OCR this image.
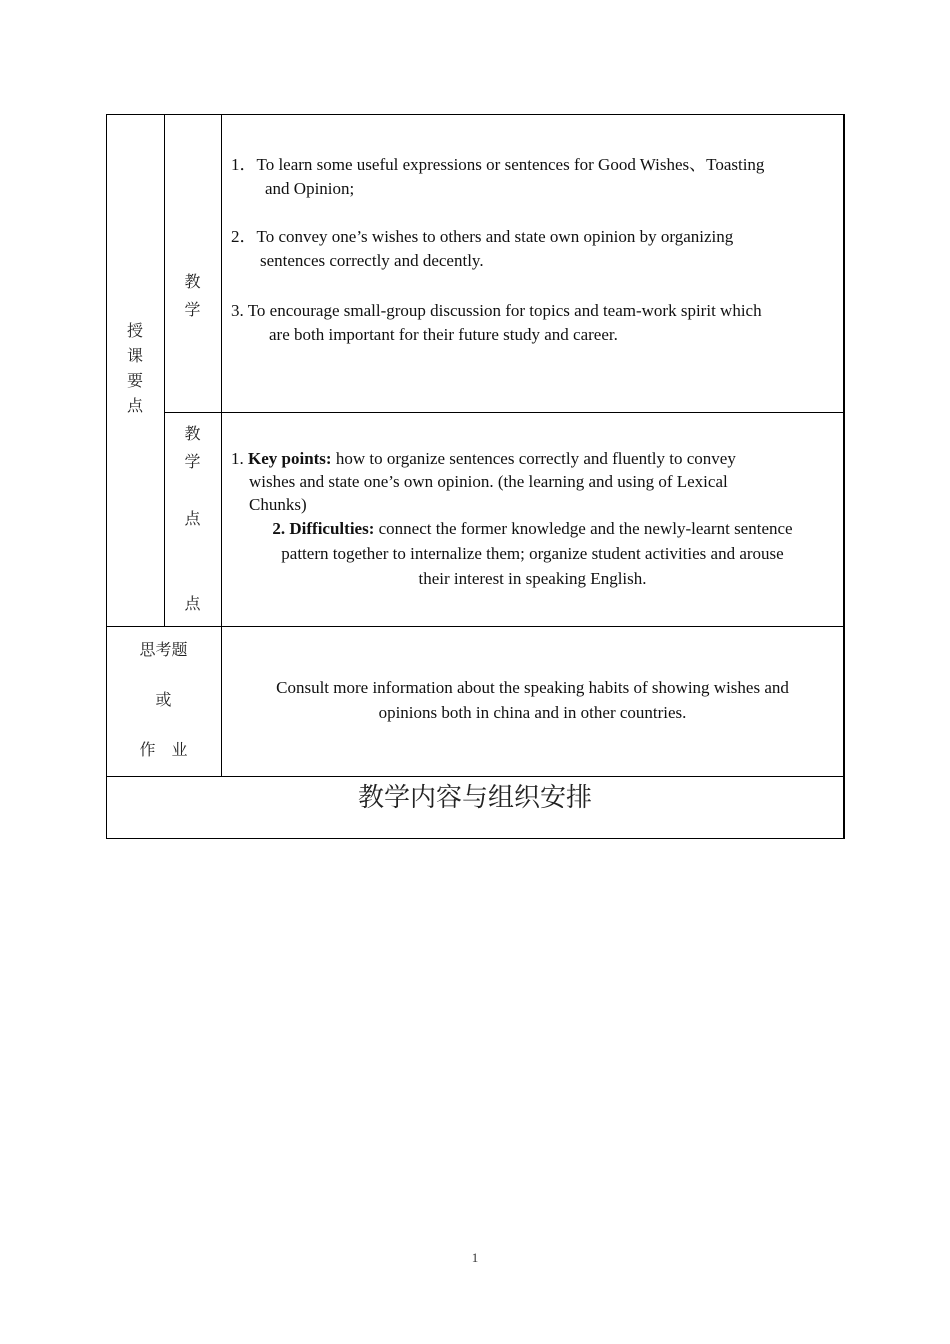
授
课
要
点
教
学
1．To learn some useful expressions or sentences for Good Wishes、Toasting
and Opinion;
2．To convey one’s wishes to others and state own opinion by organizing
sentences correctly and decently.
3. To encourage small-group discussion for topics and team-work spirit which
are both important for their future study and career.
教
学
点
点
1. Key points: how to organize sentences correctly and fluently to convey
wishes and state one’s own opinion. (the learning and using of Lexical
Chunks)
2. Difficulties: connect the former knowledge and the newly-learnt sentence
pattern together to internalize them; organize student activities and arouse
their interest in speaking English.
思考题
或
作　业
Consult more information about the speaking habits of showing wishes and
opinions both in china and in other countries.
教学内容与组织安排
1
